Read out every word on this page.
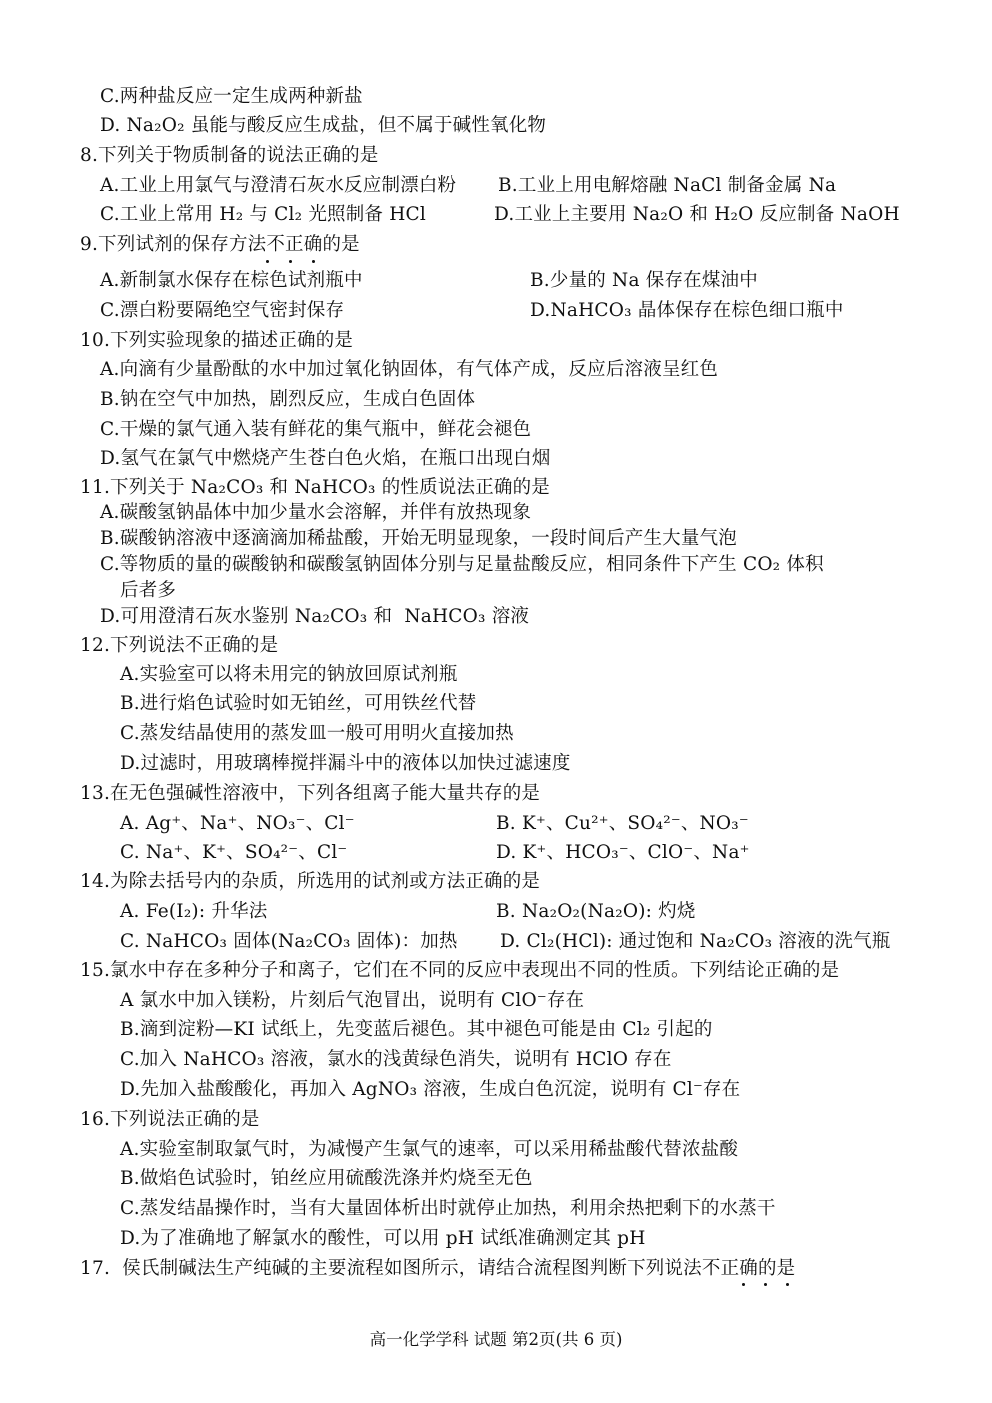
C.两种盐反应一定生成两种新盐
D. Na₂O₂ 虽能与酸反应生成盐，但不属于碱性氧化物
8.下列关于物质制备的说法正确的是
A.工业上用氯气与澄清石灰水反应制漂白粉 B.工业上用电解熔融 NaCl 制备金属 Na
C.工业上常用 H₂ 与 Cl₂ 光照制备 HCl	D.工业上主要用 Na₂O 和 H₂O 反应制备 NaOH
9.下列试剂的保存方法不正确的是
A.新制氯水保存在棕色试剂瓶中	B.少量的 Na 保存在煤油中
C.漂白粉要隔绝空气密封保存	D.NaHCO₃ 晶体保存在棕色细口瓶中
10.下列实验现象的描述正确的是
A.向滴有少量酚酞的水中加过氧化钠固体，有气体产成，反应后溶液呈红色
B.钠在空气中加热，剧烈反应，生成白色固体
C.干燥的氯气通入装有鲜花的集气瓶中，鲜花会褪色
D.氢气在氯气中燃烧产生苍白色火焰，在瓶口出现白烟
11.下列关于 Na₂CO₃ 和 NaHCO₃ 的性质说法正确的是
A.碳酸氢钠晶体中加少量水会溶解，并伴有放热现象
B.碳酸钠溶液中逐滴滴加稀盐酸，开始无明显现象，一段时间后产生大量气泡
C.等物质的量的碳酸钠和碳酸氢钠固体分别与足量盐酸反应，相同条件下产生 CO₂ 体积
后者多
D.可用澄清石灰水鉴别 Na₂CO₃ 和  NaHCO₃ 溶液
12.下列说法不正确的是
A.实验室可以将未用完的钠放回原试剂瓶
B.进行焰色试验时如无铂丝，可用铁丝代替
C.蒸发结晶使用的蒸发皿一般可用明火直接加热
D.过滤时，用玻璃棒搅拌漏斗中的液体以加快过滤速度
13.在无色强碱性溶液中，下列各组离子能大量共存的是
A. Ag⁺、Na⁺、NO₃⁻、Cl⁻	B. K⁺、Cu²⁺、SO₄²⁻、NO₃⁻
C. Na⁺、K⁺、SO₄²⁻、Cl⁻	D. K⁺、HCO₃⁻、ClO⁻、Na⁺
14.为除去括号内的杂质，所选用的试剂或方法正确的是
A. Fe(I₂): 升华法	B. Na₂O₂(Na₂O): 灼烧
C. NaHCO₃ 固体(Na₂CO₃ 固体)：加热 D. Cl₂(HCl): 通过饱和 Na₂CO₃ 溶液的洗气瓶
15.氯水中存在多种分子和离子，它们在不同的反应中表现出不同的性质。下列结论正确的是
A 氯水中加入镁粉，片刻后气泡冒出，说明有 ClO⁻存在
B.滴到淀粉—KI 试纸上，先变蓝后褪色。其中褪色可能是由 Cl₂ 引起的
C.加入 NaHCO₃ 溶液，氯水的浅黄绿色消失，说明有 HClO 存在
D.先加入盐酸酸化，再加入 AgNO₃ 溶液，生成白色沉淀，说明有 Cl⁻存在
16.下列说法正确的是
A.实验室制取氯气时，为减慢产生氯气的速率，可以采用稀盐酸代替浓盐酸
B.做焰色试验时，铂丝应用硫酸洗涤并灼烧至无色
C.蒸发结晶操作时，当有大量固体析出时就停止加热，利用余热把剩下的水蒸干
D.为了准确地了解氯水的酸性，可以用 pH 试纸准确测定其 pH
17.  侯氏制碱法生产纯碱的主要流程如图所示，请结合流程图判断下列说法不正确的是
高一化学学科 试题 第2页(共 6 页)
